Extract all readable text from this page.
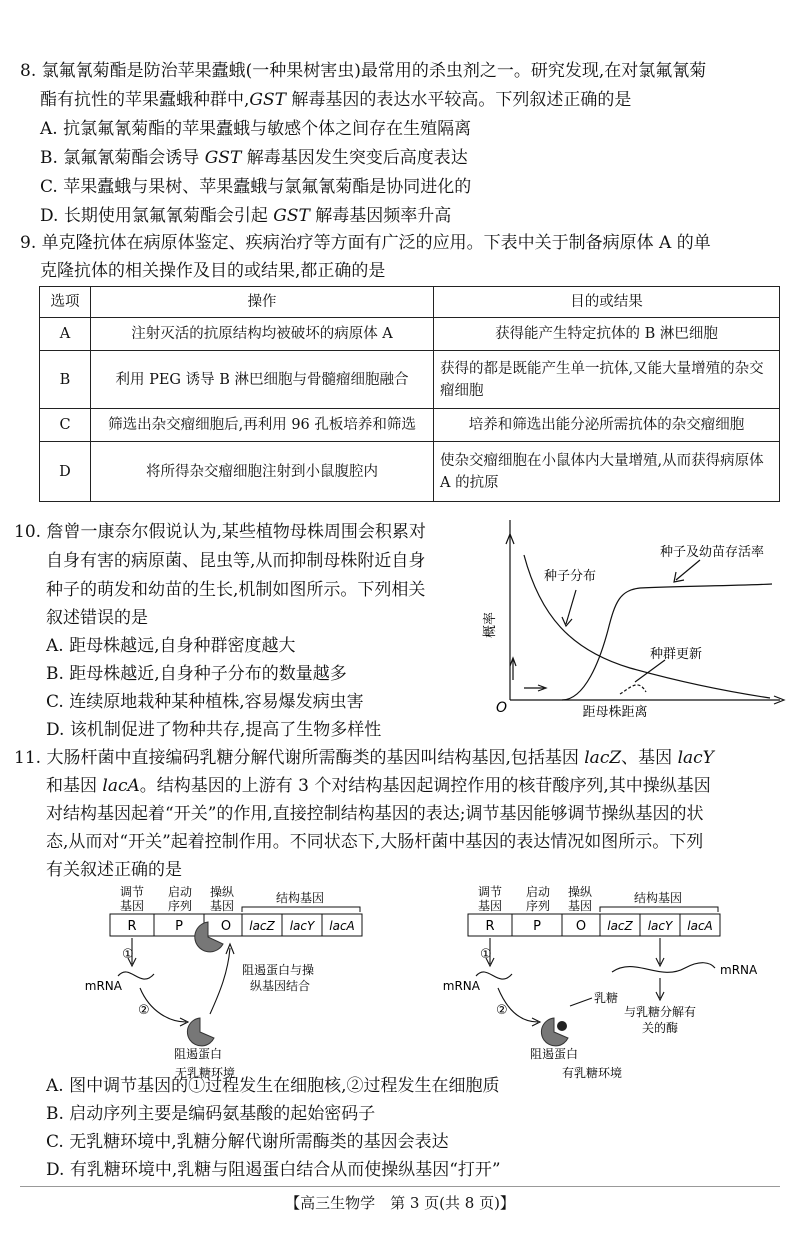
8. 氯氟氰菊酯是防治苹果蠹蛾(一种果树害虫)最常用的杀虫剂之一。研究发现,在对氯氟氰菊
酯有抗性的苹果蠹蛾种群中,GST 解毒基因的表达水平较高。下列叙述正确的是
A. 抗氯氟氰菊酯的苹果蠹蛾与敏感个体之间存在生殖隔离
B. 氯氟氰菊酯会诱导 GST 解毒基因发生突变后高度表达
C. 苹果蠹蛾与果树、苹果蠹蛾与氯氟氰菊酯是协同进化的
D. 长期使用氯氟氰菊酯会引起 GST 解毒基因频率升高
9. 单克隆抗体在病原体鉴定、疾病治疗等方面有广泛的应用。下表中关于制备病原体 A 的单
克隆抗体的相关操作及目的或结果,都正确的是
选项	操作	目的或结果
A	注射灭活的抗原结构均被破坏的病原体 A	获得能产生特定抗体的 B 淋巴细胞
B	利用 PEG 诱导 B 淋巴细胞与骨髓瘤细胞融合	获得的都是既能产生单一抗体,又能大量增殖的杂交瘤细胞
C	筛选出杂交瘤细胞后,再利用 96 孔板培养和筛选	培养和筛选出能分泌所需抗体的杂交瘤细胞
D	将所得杂交瘤细胞注射到小鼠腹腔内	使杂交瘤细胞在小鼠体内大量增殖,从而获得病原体 A 的抗原
10. 詹曾一康奈尔假说认为,某些植物母株周围会积累对
自身有害的病原菌、昆虫等,从而抑制母株附近自身
种子的萌发和幼苗的生长,机制如图所示。下列相关
叙述错误的是
A. 距母株越远,自身种群密度越大
B. 距母株越近,自身种子分布的数量越多
C. 连续原地栽种某种植株,容易爆发病虫害
D. 该机制促进了物种共存,提高了生物多样性
概率
距母株距离
O
种子分布
种子及幼苗存活率
种群更新
11. 大肠杆菌中直接编码乳糖分解代谢所需酶类的基因叫结构基因,包括基因 lacZ、基因 lacY
和基因 lacA。结构基因的上游有 3 个对结构基因起调控作用的核苷酸序列,其中操纵基因
对结构基因起着“开关”的作用,直接控制结构基因的表达;调节基因能够调节操纵基因的状
态,从而对“开关”起着控制作用。不同状态下,大肠杆菌中基因的表达情况如图所示。下列
有关叙述正确的是
调节
基因
启动
序列
操纵
基因
结构基因
R	P	O lacZ lacY lacA
mRNA
①
②
阻遏蛋白
阻遏蛋白与操
纵基因结合
无乳糖环境
调节
基因
启动
序列
操纵
基因
结构基因
R	P	O lacZ lacY lacA
mRNA
①
②
乳糖
阻遏蛋白
mRNA
与乳糖分解有
关的酶
有乳糖环境
A. 图中调节基因的①过程发生在细胞核,②过程发生在细胞质
B. 启动序列主要是编码氨基酸的起始密码子
C. 无乳糖环境中,乳糖分解代谢所需酶类的基因会表达
D. 有乳糖环境中,乳糖与阻遏蛋白结合从而使操纵基因“打开”
【高三生物学　第 3 页(共 8 页)】
